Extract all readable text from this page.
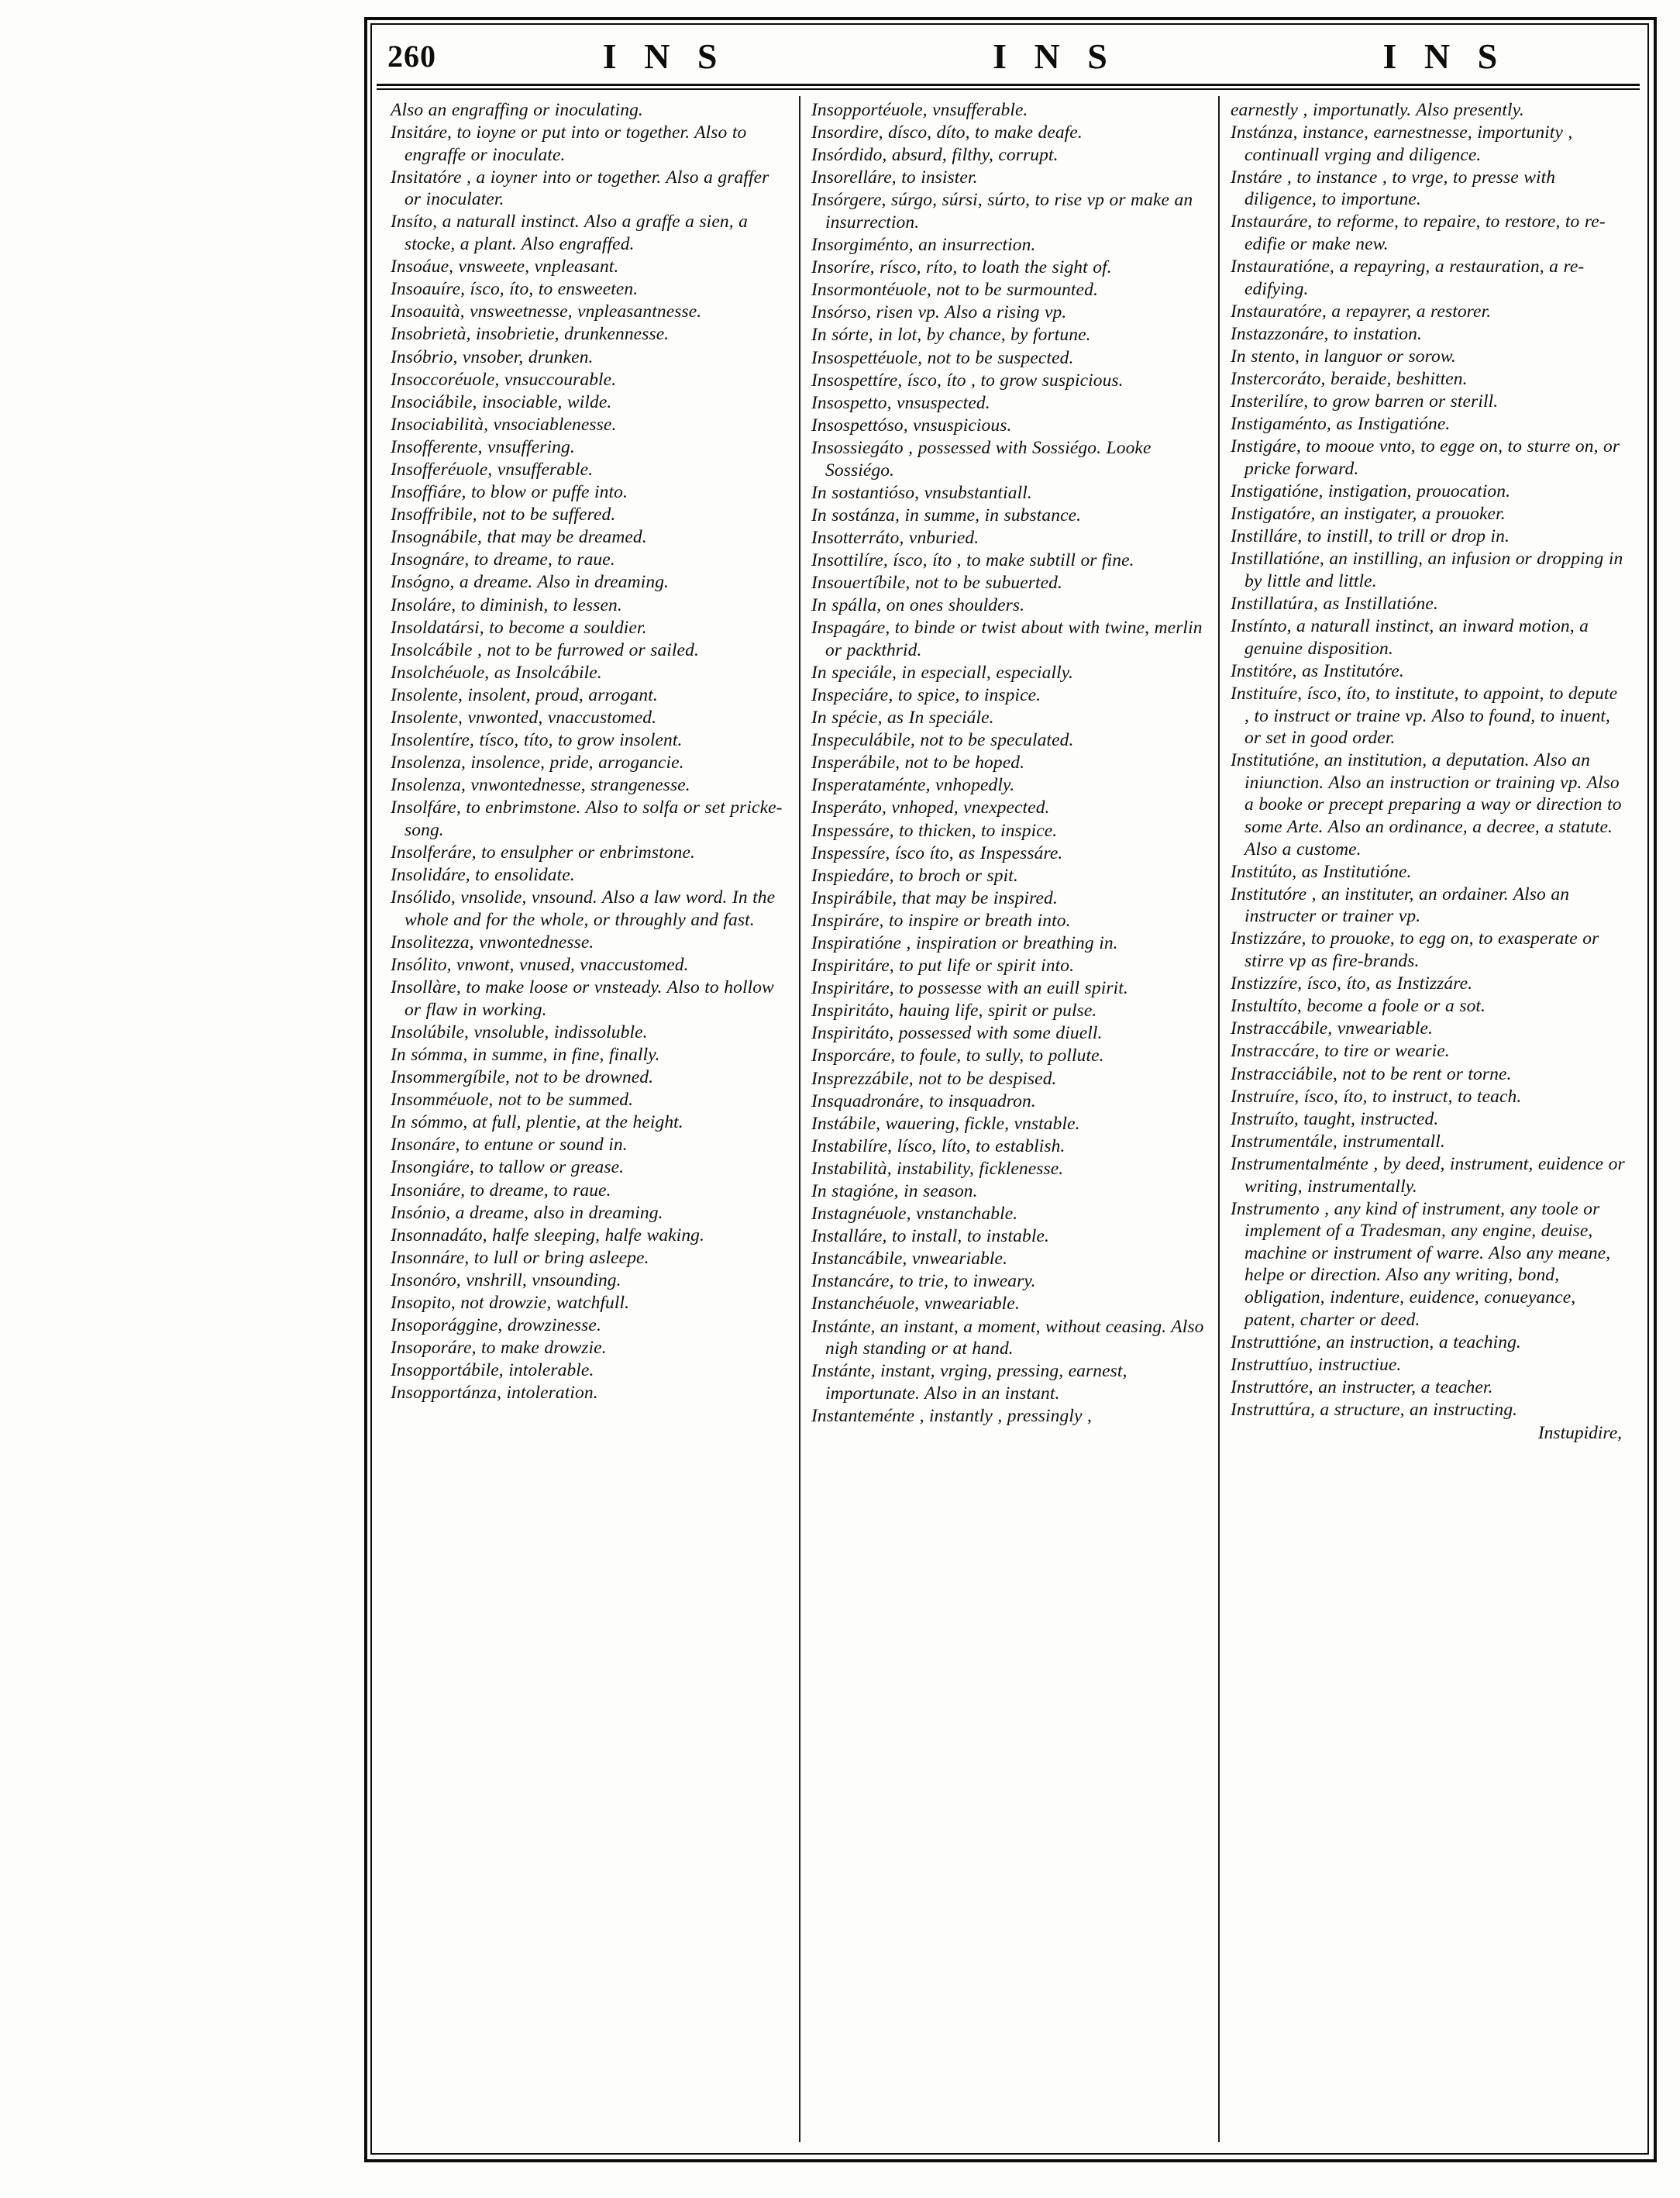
260	I N S	I N S	I N S

Also an engraffing or inoculating.

Insitáre, to ioyne or put into or together. Also to engraffe or inoculate.

Insitatóre , a ioyner into or together. Also a graffer or inoculater.

Insíto, a naturall instinct. Also a graffe a sien, a stocke, a plant. Also engraffed.

Insoáue, vnsweete, vnpleasant.

Insoauíre, ísco, íto, to ensweeten.

Insoauità, vnsweetnesse, vnpleasantnesse.

Insobrietà, insobrietie, drunkennesse.

Insóbrio, vnsober, drunken.

Insoccoréuole, vnsuccourable.

Insociábile, insociable, wilde.

Insociabilità, vnsociablenesse.

Insofferente, vnsuffering.

Insofferéuole, vnsufferable.

Insoffiáre, to blow or puffe into.

Insoffribile, not to be suffered.

Insognábile, that may be dreamed.

Insognáre, to dreame, to raue.

Insógno, a dreame. Also in dreaming.

Insoláre, to diminish, to lessen.

Insoldatársi, to become a souldier.

Insolcábile , not to be furrowed or sailed.

Insolchéuole, as Insolcábile.

Insolente, insolent, proud, arrogant.

Insolente, vnwonted, vnaccustomed.

Insolentíre, tísco, títo, to grow insolent.

Insolenza, insolence, pride, arrogancie.

Insolenza, vnwontednesse, strangenesse.

Insolfáre, to enbrimstone. Also to solfa or set pricke-song.

Insolferáre, to ensulpher or enbrimstone.

Insolidáre, to ensolidate.

Insólido, vnsolide, vnsound. Also a law word. In the whole and for the whole, or throughly and fast.

Insolitezza, vnwontednesse.

Insólito, vnwont, vnused, vnaccustomed.

Insollàre, to make loose or vnsteady. Also to hollow or flaw in working.

Insolúbile, vnsoluble, indissoluble.

In sómma, in summe, in fine, finally.

Insommergíbile, not to be drowned.

Insomméuole, not to be summed.

In sómmo, at full, plentie, at the height.

Insonáre, to entune or sound in.

Insongiáre, to tallow or grease.

Insoniáre, to dreame, to raue.

Insónio, a dreame, also in dreaming.

Insonnadáto, halfe sleeping, halfe waking.

Insonnáre, to lull or bring asleepe.

Insonóro, vnshrill, vnsounding.

Insopito, not drowzie, watchfull.

Insoporággine, drowzinesse.

Insoporáre, to make drowzie.

Insopportábile, intolerable.

Insopportánza, intoleration.

Insopportéuole, vnsufferable.

Insordire, dísco, díto, to make deafe.

Insórdido, absurd, filthy, corrupt.

Insorelláre, to insister.

Insórgere, súrgo, súrsi, súrto, to rise vp or make an insurrection.

Insorgiménto, an insurrection.

Insoríre, rísco, ríto, to loath the sight of.

Insormontéuole, not to be surmounted.

Insórso, risen vp. Also a rising vp.

In sórte, in lot, by chance, by fortune.

Insospettéuole, not to be suspected.

Insospettíre, ísco, íto , to grow suspicious.

Insospetto, vnsuspected.

Insospettóso, vnsuspicious.

Insossiegáto , possessed with Sossiégo. Looke Sossiégo.

In sostantióso, vnsubstantiall.

In sostánza, in summe, in substance.

Insotterráto, vnburied.

Insottilíre, ísco, íto , to make subtill or fine.

Insouertíbile, not to be subuerted.

In spálla, on ones shoulders.

Inspagáre, to binde or twist about with twine, merlin or packthrid.

In speciále, in especiall, especially.

Inspeciáre, to spice, to inspice.

In spécie, as In speciále.

Inspeculábile, not to be speculated.

Insperábile, not to be hoped.

Insperataménte, vnhopedly.

Insperáto, vnhoped, vnexpected.

Inspessáre, to thicken, to inspice.

Inspessíre, ísco íto, as Inspessáre.

Inspiedáre, to broch or spit.

Inspirábile, that may be inspired.

Inspiráre, to inspire or breath into.

Inspiratióne , inspiration or breathing in.

Inspiritáre, to put life or spirit into.

Inspiritáre, to possesse with an euill spirit.

Inspiritáto, hauing life, spirit or pulse.

Inspiritáto, possessed with some diuell.

Insporcáre, to foule, to sully, to pollute.

Insprezzábile, not to be despised.

Insquadronáre, to insquadron.

Instábile, wauering, fickle, vnstable.

Instabilíre, lísco, líto, to establish.

Instabilità, instability, ficklenesse.

In stagióne, in season.

Instagnéuole, vnstanchable.

Installáre, to install, to instable.

Instancábile, vnweariable.

Instancáre, to trie, to inweary.

Instanchéuole, vnweariable.

Instánte, an instant, a moment, without ceasing. Also nigh standing or at hand.

Instánte, instant, vrging, pressing, earnest, importunate. Also in an instant.

Instanteménte , instantly , pressingly ,

earnestly , importunatly. Also presently.

Instánza, instance, earnestnesse, importunity , continuall vrging and diligence.

Instáre , to instance , to vrge, to presse with diligence, to importune.

Instauráre, to reforme, to repaire, to restore, to re-edifie or make new.

Instauratióne, a repayring, a restauration, a re-edifying.

Instauratóre, a repayrer, a restorer.

Instazzonáre, to instation.

In stento, in languor or sorow.

Instercoráto, beraide, beshitten.

Insterilíre, to grow barren or sterill.

Instigaménto, as Instigatióne.

Instigáre, to mooue vnto, to egge on, to sturre on, or pricke forward.

Instigatióne, instigation, prouocation.

Instigatóre, an instigater, a prouoker.

Instilláre, to instill, to trill or drop in.

Instillatióne, an instilling, an infusion or dropping in by little and little.

Instillatúra, as Instillatióne.

Instínto, a naturall instinct, an inward motion, a genuine disposition.

Institóre, as Institutóre.

Instituíre, ísco, íto, to institute, to appoint, to depute , to instruct or traine vp. Also to found, to inuent, or set in good order.

Institutióne, an institution, a deputation. Also an iniunction. Also an instruction or training vp. Also a booke or precept preparing a way or direction to some Arte. Also an ordinance, a decree, a statute. Also a custome.

Institúto, as Institutióne.

Institutóre , an instituter, an ordainer. Also an instructer or trainer vp.

Instizzáre, to prouoke, to egg on, to exasperate or stirre vp as fire-brands.

Instizzíre, ísco, íto, as Instizzáre.

Instultíto, become a foole or a sot.

Instraccábile, vnweariable.

Instraccáre, to tire or wearie.

Instracciábile, not to be rent or torne.

Instruíre, ísco, íto, to instruct, to teach.

Instruíto, taught, instructed.

Instrumentále, instrumentall.

Instrumentalménte , by deed, instrument, euidence or writing, instrumentally.

Instrumento , any kind of instrument, any toole or implement of a Tradesman, any engine, deuise, machine or instrument of warre. Also any meane, helpe or direction. Also any writing, bond, obligation, indenture, euidence, conueyance, patent, charter or deed.

Instruttióne, an instruction, a teaching.

Instruttíuo, instructiue.

Instruttóre, an instructer, a teacher.

Instruttúra, a structure, an instructing.

Instupidire,
